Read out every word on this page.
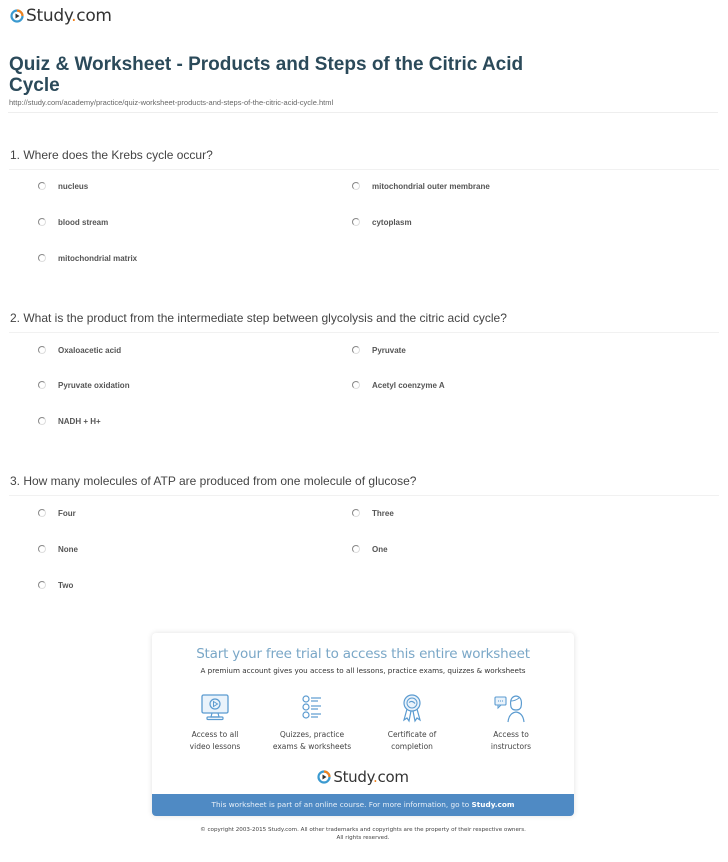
Study.com
Quiz & Worksheet - Products and Steps of the Citric Acid Cycle
http://study.com/academy/practice/quiz-worksheet-products-and-steps-of-the-citric-acid-cycle.html
1. Where does the Krebs cycle occur?
nucleus	mitochondrial outer membrane
blood stream	cytoplasm
mitochondrial matrix
2. What is the product from the intermediate step between glycolysis and the citric acid cycle?
Oxaloacetic acid	Pyruvate
Pyruvate oxidation	Acetyl coenzyme A
NADH + H+
3. How many molecules of ATP are produced from one molecule of glucose?
Four	Three
None	One
Two
Start your free trial to access this entire worksheet
A premium account gives you access to all lessons, practice exams, quizzes & worksheets
Access to all
video lessons
Quizzes, practice
exams & worksheets
Certificate of
completion
Access to
instructors
Study.com
This worksheet is part of an online course. For more information, go to Study.com
© copyright 2003-2015 Study.com. All other trademarks and copyrights are the property of their respective owners.
All rights reserved.
